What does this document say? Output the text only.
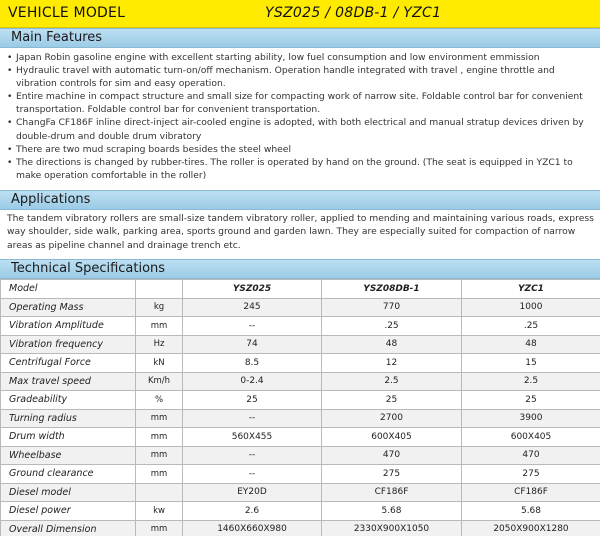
VEHICLE MODEL	YSZ025 / 08DB-1 / YZC1
Main Features
• Japan Robin gasoline engine with excellent starting ability, low fuel consumption and low environment emmission
• Hydraulic travel with automatic turn-on/off mechanism. Operation handle integrated with travel , engine throttle and vibration controls for sim and easy operation.
• Entire machine in compact structure and small size for compacting work of narrow site. Foldable control bar for convenient transportation. Foldable control bar for convenient transportation.
• ChangFa CF186F inline direct-inject air-cooled engine is adopted, with both electrical and manual stratup devices driven by double-drum and double drum vibratory
• There are two mud scraping boards besides the steel wheel
• The directions is changed by rubber-tires. The roller is operated by hand on the ground. (The seat is equipped in YZC1 to make operation comfortable in the roller)
Applications

The tandem vibratory rollers are small-size tandem vibratory roller, applied to mending and maintaining various roads, express way shoulder, side walk, parking area, sports ground and garden lawn. They are especially suited for compaction of narrow areas as pipeline channel and drainage trench etc.

Technical Specifications
Model		YSZ025	YSZ08DB-1	YZC1
Operating Mass	kg	245	770	1000
Vibration Amplitude	mm	--	.25	.25
Vibration frequency	Hz	74	48	48
Centrifugal Force	kN	8.5	12	15
Max travel speed	Km/h	0-2.4	2.5	2.5
Gradeability	%	25	25	25
Turning radius	mm	--	2700	3900
Drum width	mm	560X455	600X405	600X405
Wheelbase	mm	--	470	470
Ground clearance	mm	--	275	275
Diesel model		EY20D	CF186F	CF186F
Diesel power	kw	2.6	5.68	5.68
Overall Dimension	mm	1460X660X980	2330X900X1050	2050X900X1280
